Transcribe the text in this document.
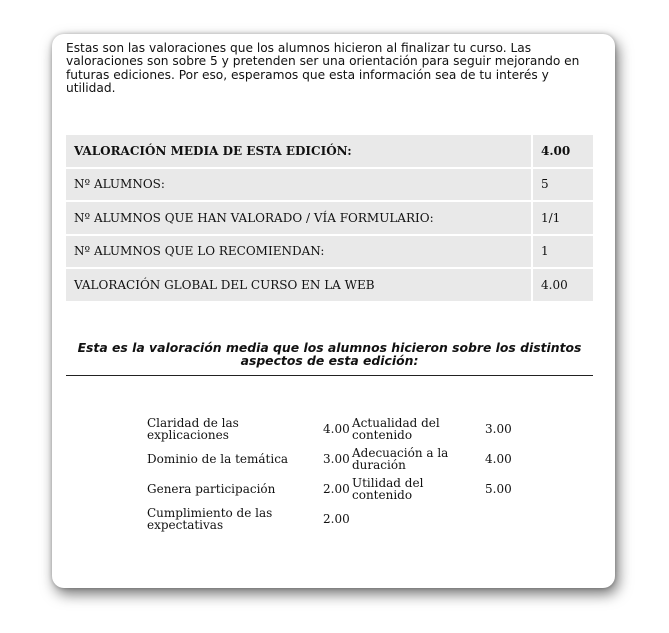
Estas son las valoraciones que los alumnos hicieron al finalizar tu curso. Las valoraciones son sobre 5 y pretenden ser una orientación para seguir mejorando en futuras ediciones. Por eso, esperamos que esta información sea de tu interés y utilidad.

VALORACIÓN MEDIA DE ESTA EDICIÓN:	4.00
Nº ALUMNOS:	5
Nº ALUMNOS QUE HAN VALORADO / VÍA FORMULARIO:	1/1
Nº ALUMNOS QUE LO RECOMIENDAN:	1
VALORACIÓN GLOBAL DEL CURSO EN LA WEB	4.00

Esta es la valoración media que los alumnos hicieron sobre los distintos aspectos de esta edición:

Claridad de las explicaciones	4.00 Actualidad del contenido	3.00
Dominio de la temática	3.00 Adecuación a la duración	4.00
Genera participación	2.00 Utilidad del contenido	5.00
Cumplimiento de las expectativas	2.00
